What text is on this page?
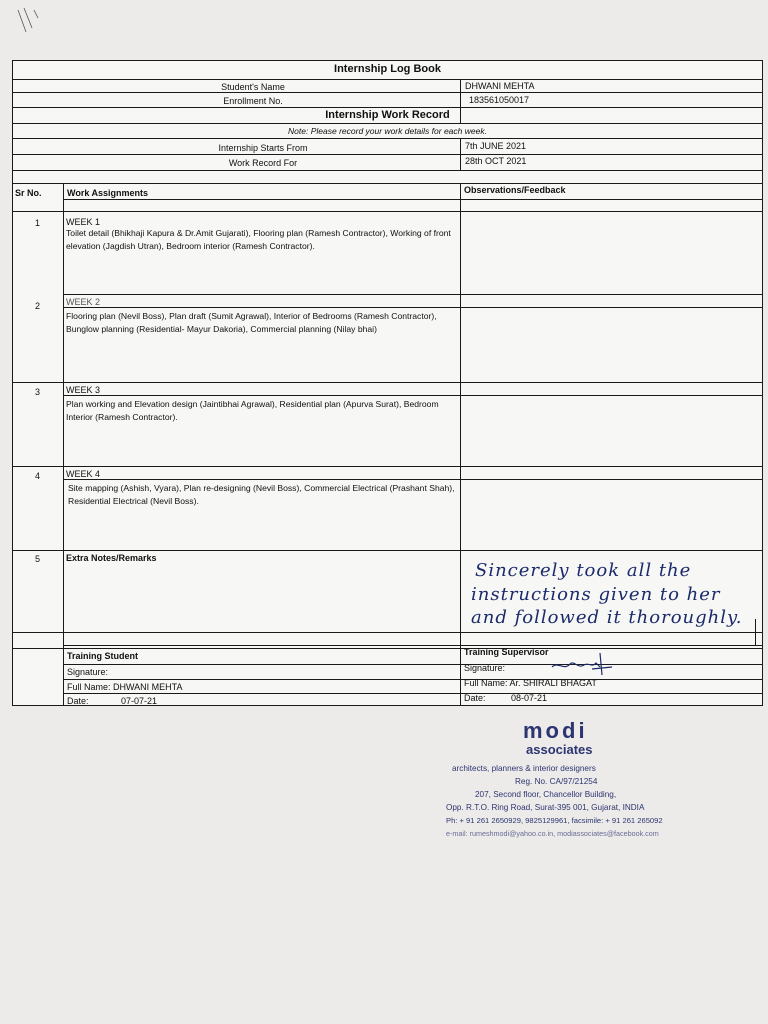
Internship Log Book
Student's Name	DHWANI MEHTA
Enrollment No.	183561050017
Internship Work Record
Note: Please record your work details for each week.
Internship Starts From	7th JUNE 2021
Work Record For	28th OCT 2021
Sr No.	Work Assignments	Observations/Feedback
1	WEEK 1
Toilet detail (Bhikhaji Kapura & Dr.Amit Gujarati), Flooring plan (Ramesh Contractor), Working of front elevation (Jagdish Utran), Bedroom interior (Ramesh Contractor).
2	WEEK 2
Flooring plan (Nevil Boss), Plan draft (Sumit Agrawal), Interior of Bedrooms (Ramesh Contractor), Bunglow planning (Residential- Mayur Dakoria), Commercial planning (Nilay bhai)
3	WEEK 3
Plan working and Elevation design (Jaintibhai Agrawal), Residential plan (Apurva Surat), Bedroom Interior (Ramesh Contractor).
4	WEEK 4
Site mapping (Ashish, Vyara), Plan re-designing (Nevil Boss), Commercial Electrical (Prashant Shah), Residential Electrical (Nevil Boss).
5	Extra Notes/Remarks
Sincerely took all the
instructions given to her
and followed it thoroughly.
Training Student
Signature:
Full Name: DHWANI MEHTA
Date:	07-07-21
Training Supervisor
Signature:
Full Name: Ar. SHIRALI BHAGAT
Date:	08-07-21
modi
associates
architects, planners & interior designers
Reg. No. CA/97/21254
207, Second floor, Chancellor Building,
Opp. R.T.O. Ring Road, Surat-395 001, Gujarat, INDIA
Ph: + 91 261 2650929, 9825129961, facsimile: + 91 261 265092
e-mail: rumeshmodi@yahoo.co.in, modiassociates@facebook.com
